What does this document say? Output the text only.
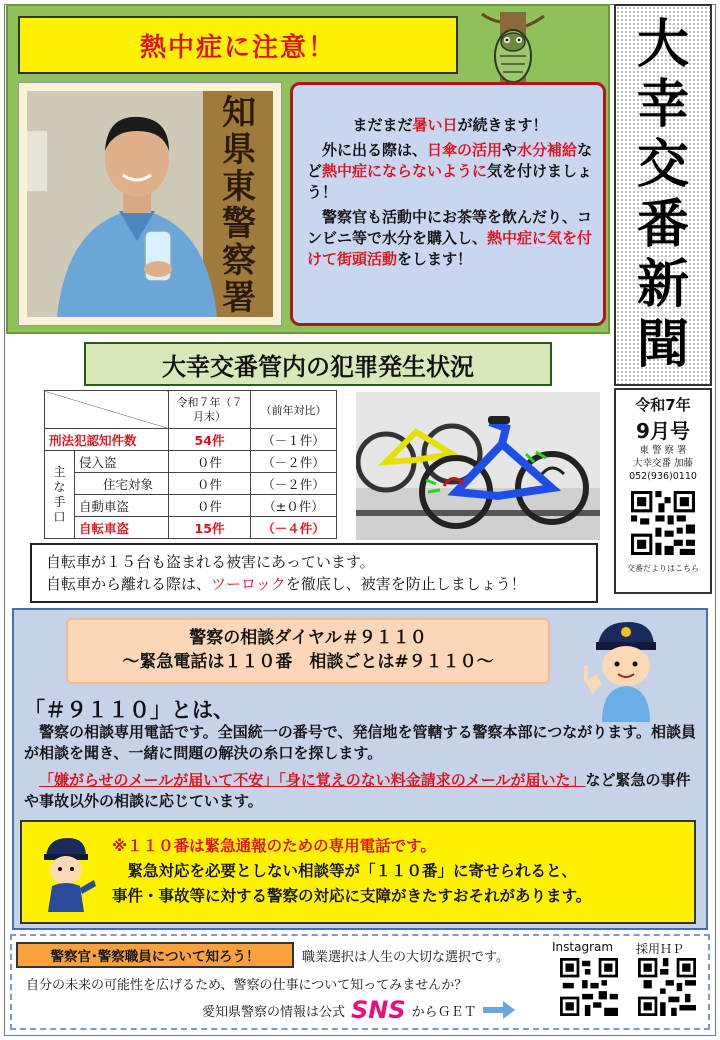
熱中症に注意！
知県東警察署

まだまだ暑い日が続きます！

外に出る際は、日傘の活用や水分補給など熱中症にならないように気を付けましょう！

警察官も活動中にお茶等を飲んだり、コンビニ等で水分を購入し、熱中症に気を付けて街頭活動をします！

大
幸
交
番
新
聞
令和7年
9月号
東 警 察 署
大幸交番 加藤
052(936)0110
交番だよりはこちら
大幸交番管内の犯罪発生状況
		令和７年（７月末）	（前年対比）
刑法犯認知件数		54件	（－１件）
主な手口	侵入盗	０件	（－２件）
	住宅対象	０件	（－２件）
	自動車盗	０件	（±０件）
	自転車盗	15件	（－４件）
自転車が１５台も盗まれる被害にあっています。
自転車から離れる際は、ツーロックを徹底し、被害を防止しましょう！
警察の相談ダイヤル＃９１１０
～緊急電話は１１０番　相談ごとは#９１１０～
「＃９１１０」とは、

警察の相談専用電話です。全国統一の番号で、発信地を管轄する警察本部につながります。相談員が相談を聞き、一緒に問題の解決の糸口を探します。

「嫌がらせのメールが届いて不安」「身に覚えのない料金請求のメールが届いた」など緊急の事件や事故以外の相談に応じています。

※１１０番は緊急通報のための専用電話です。
緊急対応を必要としない相談等が「１１０番」に寄せられると、
事件・事故等に対する警察の対応に支障がきたすおそれがあります。
警察官･警察職員について知ろう！	職業選択は人生の大切な選択です。
自分の未来の可能性を広げるため、警察の仕事について知ってみませんか？
愛知県警察の情報は公式 SNS からＧＥＴ
Instagram 採用ＨＰ
